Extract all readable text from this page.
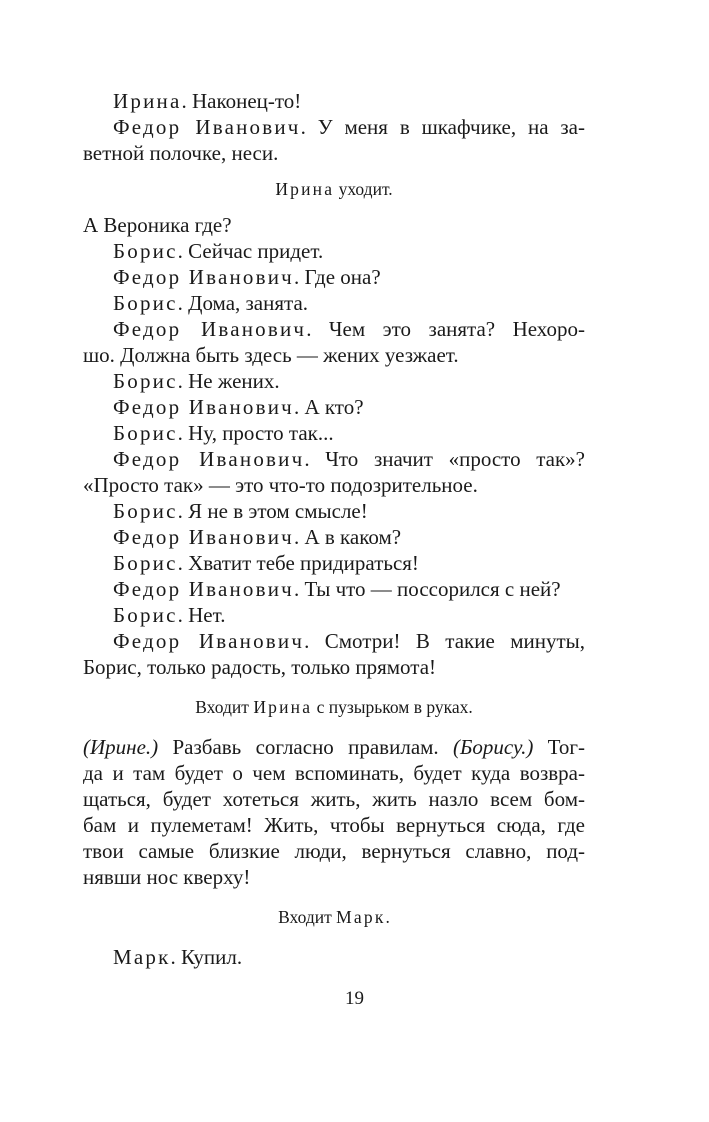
Ирина. Наконец-то!

Федор Иванович. У меня в шкафчике, на за-

ветной полочке, неси.

Ирина уходит.

А Вероника где?

Борис. Сейчас придет.

Федор Иванович. Где она?

Борис. Дома, занята.

Федор Иванович. Чем это занята? Нехоро-

шо. Должна быть здесь — жених уезжает.

Борис. Не жених.

Федор Иванович. А кто?

Борис. Ну, просто так...

Федор Иванович. Что значит «просто так»?

«Просто так» — это что-то подозрительное.

Борис. Я не в этом смысле!

Федор Иванович. А в каком?

Борис. Хватит тебе придираться!

Федор Иванович. Ты что — поссорился с ней?

Борис. Нет.

Федор Иванович. Смотри! В такие минуты,

Борис, только радость, только прямота!

Входит Ирина с пузырьком в руках.

(Ирине.) Разбавь согласно правилам. (Борису.) Тог-

да и там будет о чем вспоминать, будет куда возвра-

щаться, будет хотеться жить, жить назло всем бом-

бам и пулеметам! Жить, чтобы вернуться сюда, где

твои самые близкие люди, вернуться славно, под-

нявши нос кверху!

Входит Марк.

Марк. Купил.

19
